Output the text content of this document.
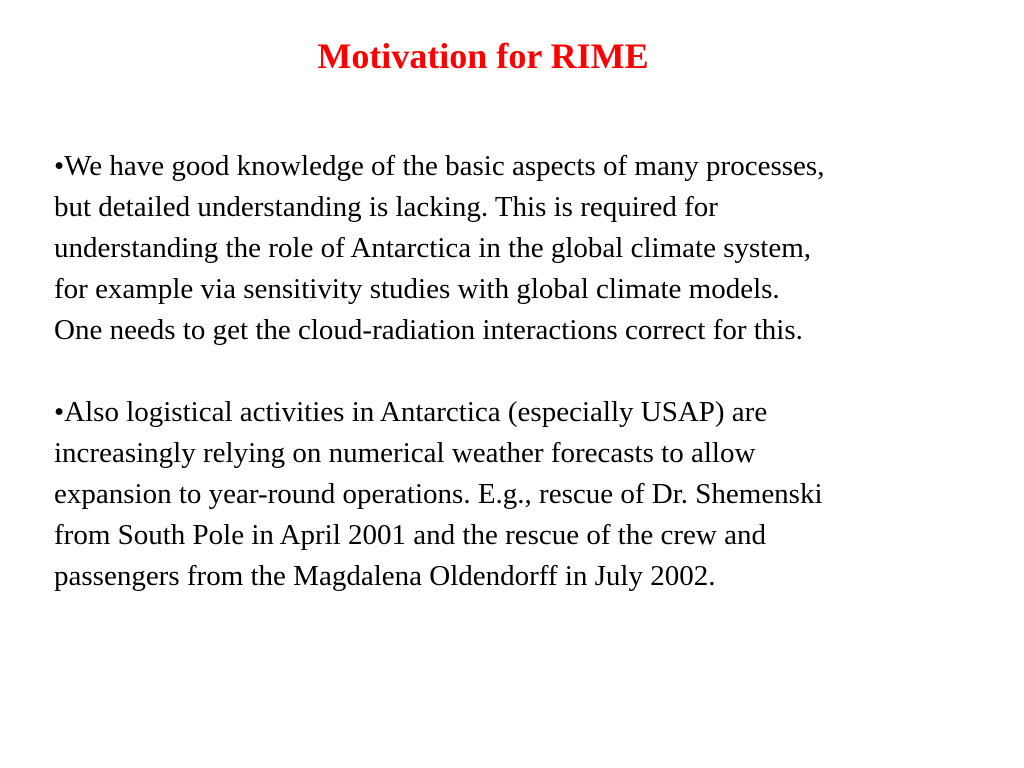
Motivation for RIME

•We have good knowledge of the basic aspects of many processes,
but detailed understanding is lacking. This is required for
understanding the role of Antarctica in the global climate system,
for example via sensitivity studies with global climate models.
One needs to get the cloud-radiation interactions correct for this.

•Also logistical activities in Antarctica (especially USAP) are
increasingly relying on numerical weather forecasts to allow
expansion to year-round operations. E.g., rescue of Dr. Shemenski
from South Pole in April 2001 and the rescue of the crew and
passengers from the Magdalena Oldendorff in July 2002.
